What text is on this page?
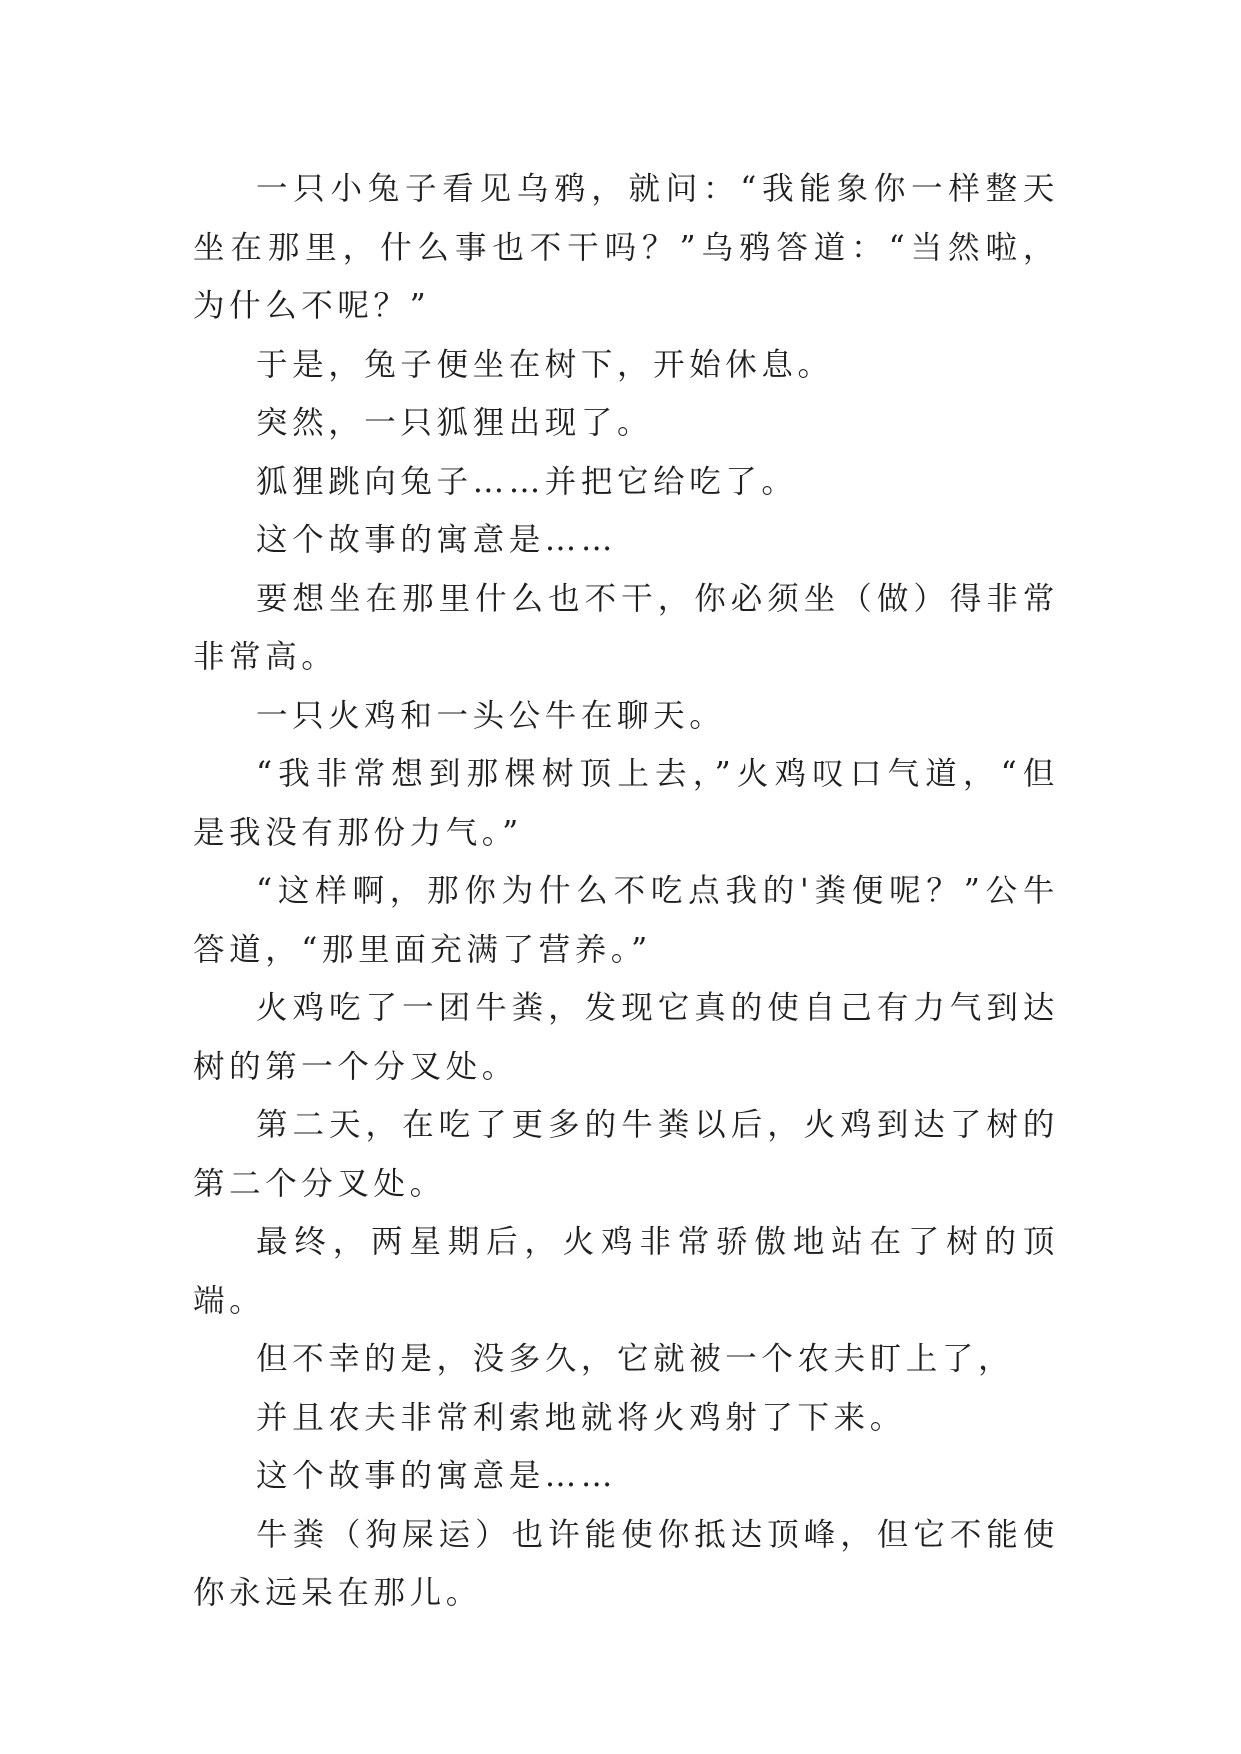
一只小兔子看见乌鸦，就问：“我能象你一样整天坐在那里，什么事也不干吗？”乌鸦答道：“当然啦，为什么不呢？”

于是，兔子便坐在树下，开始休息。

突然，一只狐狸出现了。

狐狸跳向兔子……并把它给吃了。

这个故事的寓意是……

要想坐在那里什么也不干，你必须坐（做）得非常非常高。

一只火鸡和一头公牛在聊天。

“我非常想到那棵树顶上去，”火鸡叹口气道，“但是我没有那份力气。”

“这样啊，那你为什么不吃点我的'粪便呢？”公牛答道，“那里面充满了营养。”

火鸡吃了一团牛粪，发现它真的使自己有力气到达树的第一个分叉处。

第二天，在吃了更多的牛粪以后，火鸡到达了树的第二个分叉处。

最终，两星期后，火鸡非常骄傲地站在了树的顶端。

但不幸的是，没多久，它就被一个农夫盯上了，

并且农夫非常利索地就将火鸡射了下来。

这个故事的寓意是……

牛粪（狗屎运）也许能使你抵达顶峰，但它不能使你永远呆在那儿。
